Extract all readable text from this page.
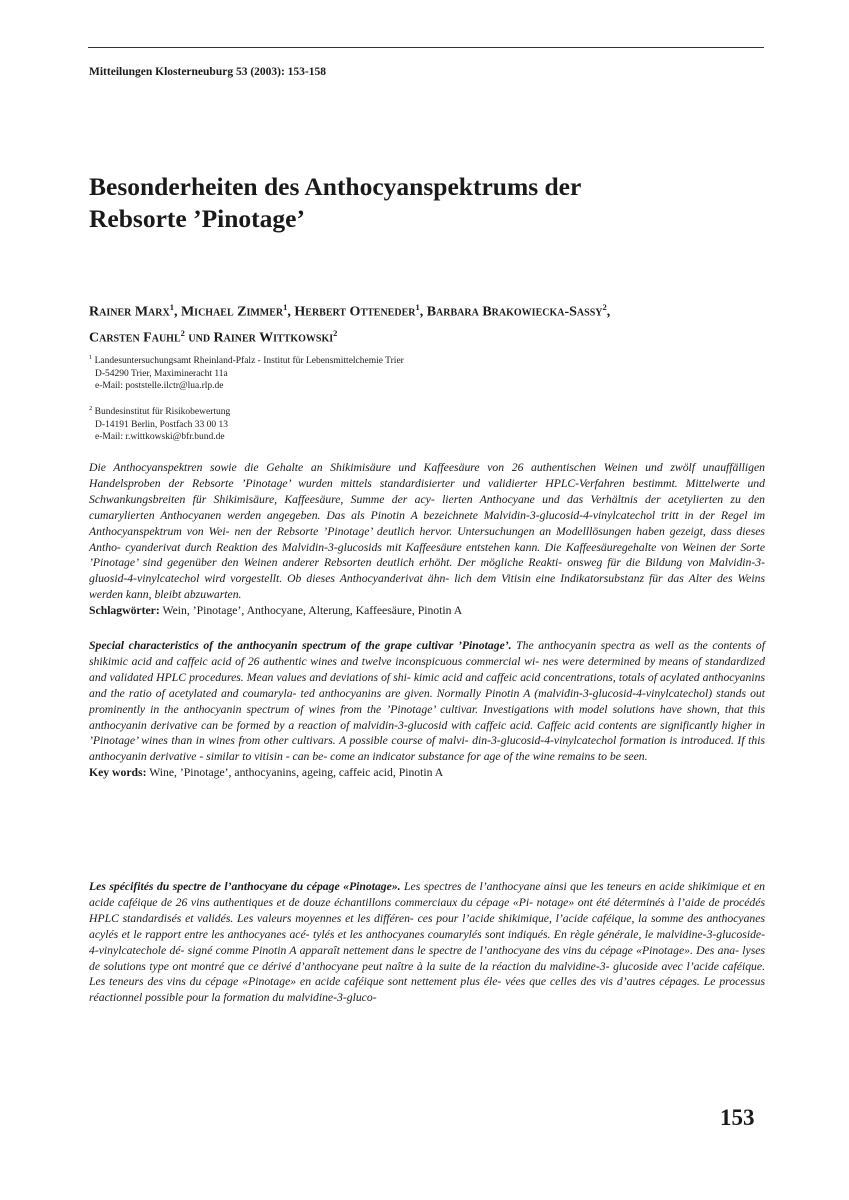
Mitteilungen Klosterneuburg 53 (2003): 153-158
Besonderheiten des Anthocyanspektrums der
Rebsorte ’Pinotage’
Rainer Marx$^1$, Michael Zimmer$^1$, Herbert Otteneder$^1$, Barbara Brakowiecka-Sassy$^2$,
Carsten Fauhl$^2$ und Rainer Wittkowski$^2$
$^1$ Landesuntersuchungsamt Rheinland-Pfalz - Institut für Lebensmittelchemie Trier
D-54290 Trier, Maximineracht 11a
e-Mail: poststelle.ilctr@lua.rlp.de
$^2$ Bundesinstitut für Risikobewertung
D-14191 Berlin, Postfach 33 00 13
e-Mail: r.wittkowski@bfr.bund.de

Die Anthocyanspektren sowie die Gehalte an Shikimisäure und Kaffeesäure von 26 authentischen Weinen und zwölf unauffälligen Handelsproben der Rebsorte ’Pinotage’ wurden mittels standardisierter und validierter HPLC-Verfahren bestimmt. Mittelwerte und Schwankungsbreiten für Shikimisäure, Kaffeesäure, Summe der acy- lierten Anthocyane und das Verhältnis der acetylierten zu den cumarylierten Anthocyanen werden angegeben. Das als Pinotin A bezeichnete Malvidin-3-glucosid-4-vinylcatechol tritt in der Regel im Anthocyanspektrum von Wei- nen der Rebsorte ’Pinotage’ deutlich hervor. Untersuchungen an Modelllösungen haben gezeigt, dass dieses Antho- cyanderivat durch Reaktion des Malvidin-3-glucosids mit Kaffeesäure entstehen kann. Die Kaffeesäuregehalte von Weinen der Sorte ’Pinotage’ sind gegenüber den Weinen anderer Rebsorten deutlich erhöht. Der mögliche Reakti- onsweg für die Bildung von Malvidin-3-gluosid-4-vinylcatechol wird vorgestellt. Ob dieses Anthocyanderivat ähn- lich dem Vitisin eine Indikatorsubstanz für das Alter des Weins werden kann, bleibt abzuwarten.

Schlagwörter: Wein, ’Pinotage’, Anthocyane, Alterung, Kaffeesäure, Pinotin A

Special characteristics of the anthocyanin spectrum of the grape cultivar ’Pinotage’. The anthocyanin spectra as well as the contents of shikimic acid and caffeic acid of 26 authentic wines and twelve inconspicuous commercial wi- nes were determined by means of standardized and validated HPLC procedures. Mean values and deviations of shi- kimic acid and caffeic acid concentrations, totals of acylated anthocyanins and the ratio of acetylated and coumaryla- ted anthocyanins are given. Normally Pinotin A (malvidin-3-glucosid-4-vinylcatechol) stands out prominently in the anthocyanin spectrum of wines from the ’Pinotage’ cultivar. Investigations with model solutions have shown, that this anthocyanin derivative can be formed by a reaction of malvidin-3-glucosid with caffeic acid. Caffeic acid contents are significantly higher in ’Pinotage’ wines than in wines from other cultivars. A possible course of malvi- din-3-glucosid-4-vinylcatechol formation is introduced. If this anthocyanin derivative - similar to vitisin - can be- come an indicator substance for age of the wine remains to be seen.

Key words: Wine, ’Pinotage’, anthocyanins, ageing, caffeic acid, Pinotin A

Les spécifités du spectre de l’anthocyane du cépage «Pinotage». Les spectres de l’anthocyane ainsi que les teneurs en acide shikimique et en acide caféique de 26 vins authentiques et de douze échantillons commerciaux du cépage «Pi- notage» ont été déterminés à l’aide de procédés HPLC standardisés et validés. Les valeurs moyennes et les différen- ces pour l’acide shikimique, l’acide caféique, la somme des anthocyanes acylés et le rapport entre les anthocyanes acé- tylés et les anthocyanes coumarylés sont indiqués. En règle générale, le malvidine-3-glucoside-4-vinylcatechole dé- signé comme Pinotin A apparaît nettement dans le spectre de l’anthocyane des vins du cépage «Pinotage». Des ana- lyses de solutions type ont montré que ce dérivé d’anthocyane peut naître à la suite de la réaction du malvidine-3- glucoside avec l’acide caféique. Les teneurs des vins du cépage «Pinotage» en acide caféique sont nettement plus éle- vées que celles des vis d’autres cépages. Le processus réactionnel possible pour la formation du malvidine-3-gluco-

153
